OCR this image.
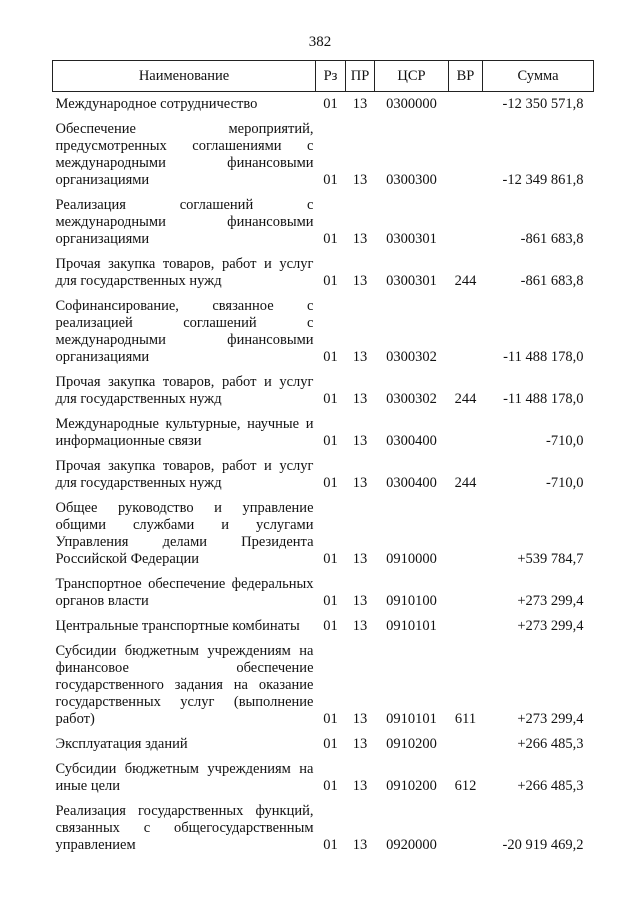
382
Наименование	Рз	ПР	ЦСР	ВР	Сумма
Международное сотрудничество	01	13	0300000		-12 350 571,8
Обеспечение мероприятий, предусмотренных соглашениями с международными финансовыми организациями	01	13	0300300		-12 349 861,8
Реализация соглашений с международными финансовыми организациями	01	13	0300301		-861 683,8
Прочая закупка товаров, работ и услуг для государственных нужд	01	13	0300301	244	-861 683,8
Софинансирование, связанное с реализацией соглашений с международными финансовыми организациями	01	13	0300302		-11 488 178,0
Прочая закупка товаров, работ и услуг для государственных нужд	01	13	0300302	244	-11 488 178,0
Международные культурные, научные и информационные связи	01	13	0300400		-710,0
Прочая закупка товаров, работ и услуг для государственных нужд	01	13	0300400	244	-710,0
Общее руководство и управление общими службами и услугами Управления делами Президента Российской Федерации	01	13	0910000		+539 784,7
Транспортное обеспечение федеральных органов власти	01	13	0910100		+273 299,4
Центральные транспортные комбинаты	01	13	0910101		+273 299,4
Субсидии бюджетным учреждениям на финансовое обеспечение государственного задания на оказание государственных услуг (выполнение работ)	01	13	0910101	611	+273 299,4
Эксплуатация зданий	01	13	0910200		+266 485,3
Субсидии бюджетным учреждениям на иные цели	01	13	0910200	612	+266 485,3
Реализация государственных функций, связанных с общегосударственным управлением	01	13	0920000		-20 919 469,2
